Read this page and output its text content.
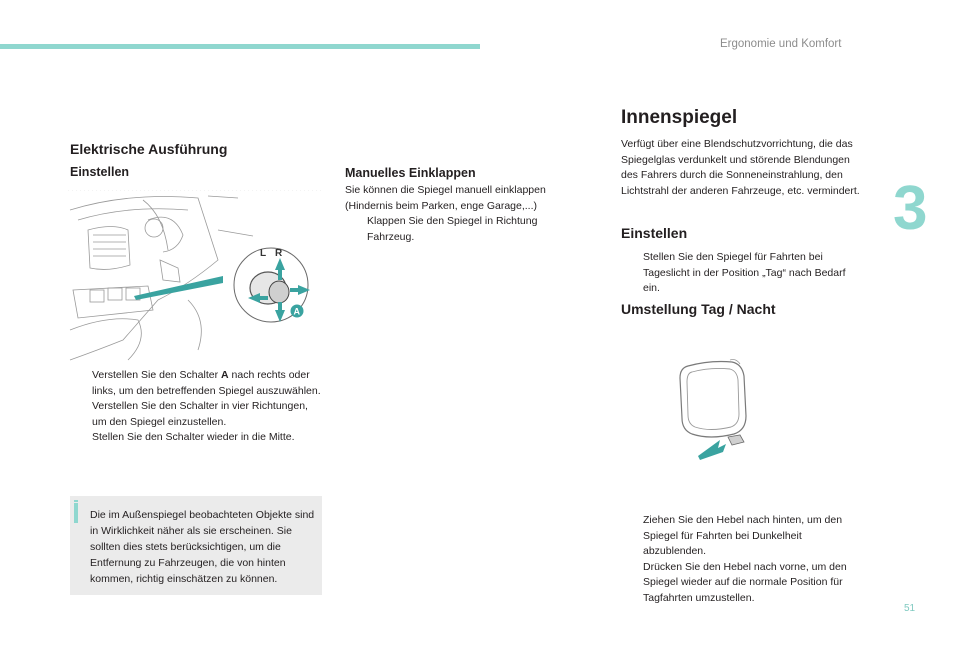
Ergonomie und Komfort
3
Elektrische Ausführung
Einstellen
L R
A
Verstellen Sie den Schalter A nach rechts oder links, um den betreffenden Spiegel auszuwählen.
Verstellen Sie den Schalter in vier Richtungen, um den Spiegel einzustellen.
Stellen Sie den Schalter wieder in die Mitte.
Die im Außenspiegel beobachteten Objekte sind in Wirklichkeit näher als sie erscheinen. Sie sollten dies stets berücksichtigen, um die Entfernung zu Fahrzeugen, die von hinten kommen, richtig einschätzen zu können.
Manuelles Einklappen

Sie können die Spiegel manuell einklappen (Hindernis beim Parken, enge Garage,...)

Klappen Sie den Spiegel in Richtung Fahrzeug.
Innenspiegel

Verfügt über eine Blendschutzvorrichtung, die das Spiegelglas verdunkelt und störende Blendungen des Fahrers durch die Sonneneinstrahlung, den Lichtstrahl der anderen Fahrzeuge, etc. vermindert.

Einstellen
Stellen Sie den Spiegel für Fahrten bei Tageslicht in der Position „Tag“ nach Bedarf ein.
Umstellung Tag / Nacht
Ziehen Sie den Hebel nach hinten, um den Spiegel für Fahrten bei Dunkelheit abzublenden.
Drücken Sie den Hebel nach vorne, um den Spiegel wieder auf die normale Position für Tagfahrten umzustellen.
51
